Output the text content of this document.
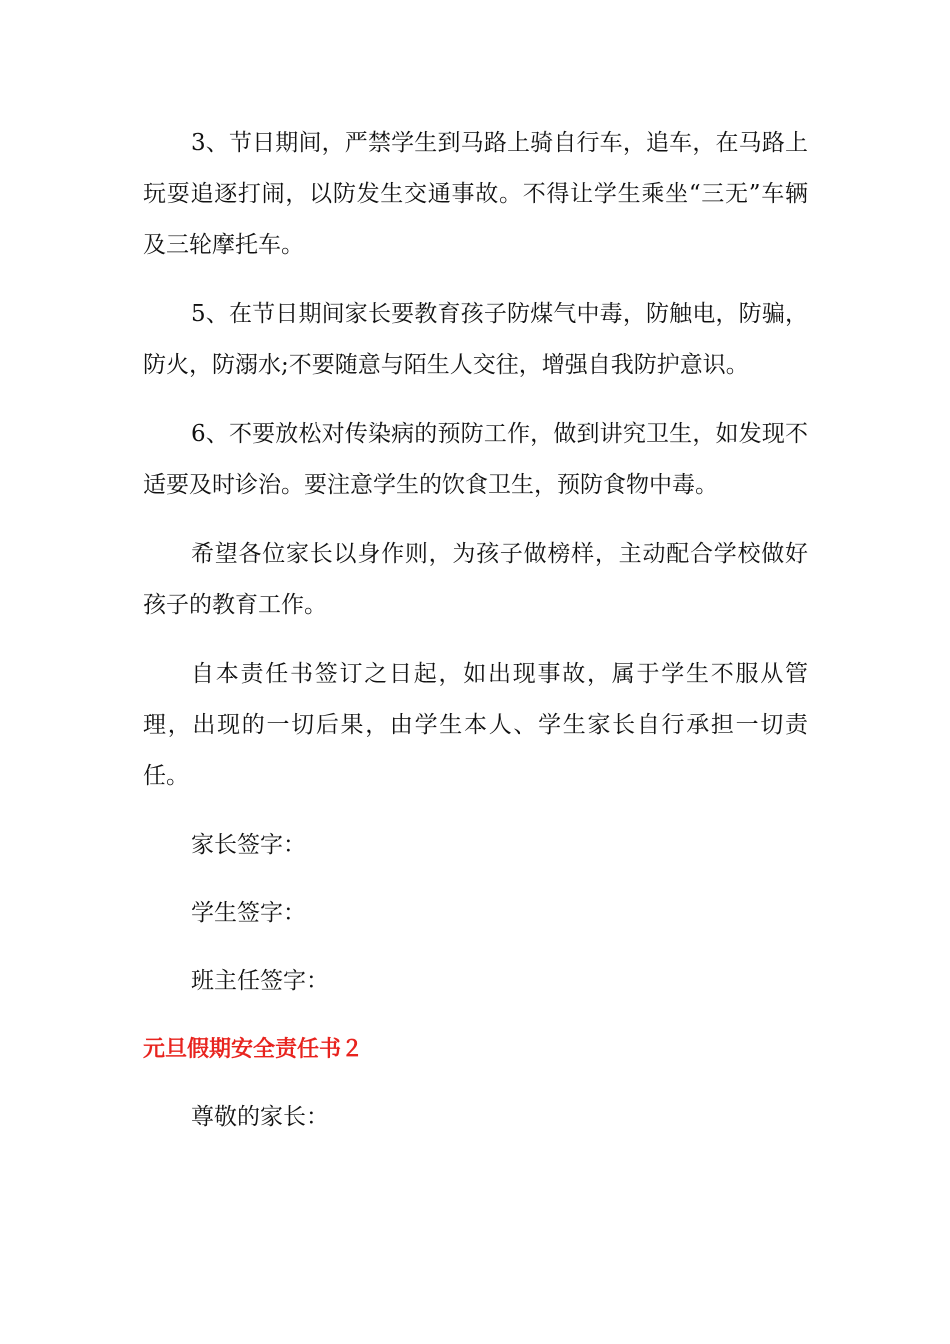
3、节日期间，严禁学生到马路上骑自行车，追车，在马路上玩耍追逐打闹，以防发生交通事故。不得让学生乘坐“三无”车辆及三轮摩托车。

5、在节日期间家长要教育孩子防煤气中毒，防触电，防骗，防火，防溺水;不要随意与陌生人交往，增强自我防护意识。

6、不要放松对传染病的预防工作，做到讲究卫生，如发现不适要及时诊治。要注意学生的饮食卫生，预防食物中毒。

希望各位家长以身作则，为孩子做榜样，主动配合学校做好孩子的教育工作。

自本责任书签订之日起，如出现事故，属于学生不服从管理，出现的一切后果，由学生本人、学生家长自行承担一切责任。

家长签字：

学生签字：

班主任签字：

元旦假期安全责任书２

尊敬的家长：
